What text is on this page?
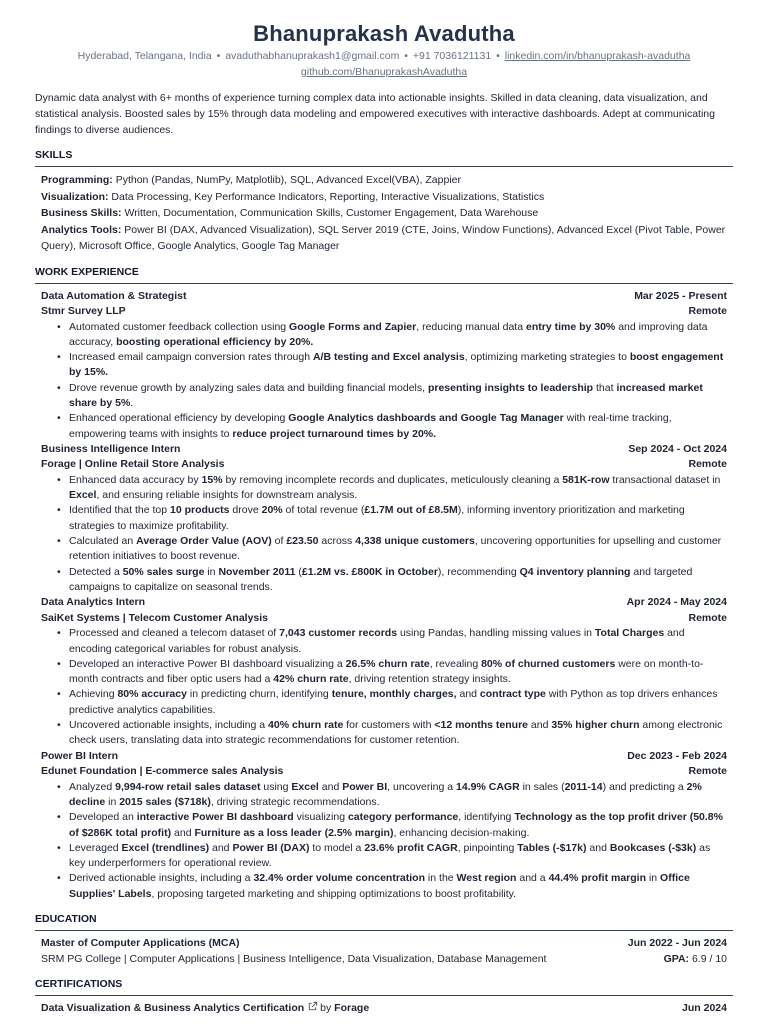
Bhanuprakash Avadutha
Hyderabad, Telangana, India • avaduthabhanuprakash1@gmail.com • +91 7036121131 • linkedin.com/in/bhanuprakash-avadutha
github.com/BhanuprakashAvadutha
Dynamic data analyst with 6+ months of experience turning complex data into actionable insights. Skilled in data cleaning, data visualization, and statistical analysis. Boosted sales by 15% through data modeling and empowered executives with interactive dashboards. Adept at communicating findings to diverse audiences.
SKILLS
Programming: Python (Pandas, NumPy, Matplotlib), SQL, Advanced Excel(VBA), Zappier
Visualization: Data Processing, Key Performance Indicators, Reporting, Interactive Visualizations, Statistics
Business Skills: Written, Documentation, Communication Skills, Customer Engagement, Data Warehouse
Analytics Tools: Power BI (DAX, Advanced Visualization), SQL Server 2019 (CTE, Joins, Window Functions), Advanced Excel (Pivot Table, Power Query), Microsoft Office, Google Analytics, Google Tag Manager
WORK EXPERIENCE
Data Automation & Strategist	Mar 2025 - Present
Stmr Survey LLP	Remote
• Automated customer feedback collection using Google Forms and Zapier, reducing manual data entry time by 30% and improving data accuracy, boosting operational efficiency by 20%.
• Increased email campaign conversion rates through A/B testing and Excel analysis, optimizing marketing strategies to boost engagement by 15%.
• Drove revenue growth by analyzing sales data and building financial models, presenting insights to leadership that increased market share by 5%.
• Enhanced operational efficiency by developing Google Analytics dashboards and Google Tag Manager with real-time tracking, empowering teams with insights to reduce project turnaround times by 20%.
Business Intelligence Intern	Sep 2024 - Oct 2024
Forage | Online Retail Store Analysis	Remote
• Enhanced data accuracy by 15% by removing incomplete records and duplicates, meticulously cleaning a 581K-row transactional dataset in Excel, and ensuring reliable insights for downstream analysis.
• Identified that the top 10 products drove 20% of total revenue (£1.7M out of £8.5M), informing inventory prioritization and marketing strategies to maximize profitability.
• Calculated an Average Order Value (AOV) of £23.50 across 4,338 unique customers, uncovering opportunities for upselling and customer retention initiatives to boost revenue.
• Detected a 50% sales surge in November 2011 (£1.2M vs. £800K in October), recommending Q4 inventory planning and targeted campaigns to capitalize on seasonal trends.
Data Analytics Intern	Apr 2024 - May 2024
SaiKet Systems | Telecom Customer Analysis	Remote
• Processed and cleaned a telecom dataset of 7,043 customer records using Pandas, handling missing values in Total Charges and encoding categorical variables for robust analysis.
• Developed an interactive Power BI dashboard visualizing a 26.5% churn rate, revealing 80% of churned customers were on month-to-month contracts and fiber optic users had a 42% churn rate, driving retention strategy insights.
• Achieving 80% accuracy in predicting churn, identifying tenure, monthly charges, and contract type with Python as top drivers enhances predictive analytics capabilities.
• Uncovered actionable insights, including a 40% churn rate for customers with <12 months tenure and 35% higher churn among electronic check users, translating data into strategic recommendations for customer retention.
Power BI Intern	Dec 2023 - Feb 2024
Edunet Foundation | E-commerce sales Analysis	Remote
• Analyzed 9,994-row retail sales dataset using Excel and Power BI, uncovering a 14.9% CAGR in sales (2011-14) and predicting a 2% decline in 2015 sales ($718k), driving strategic recommendations.
• Developed an interactive Power BI dashboard visualizing category performance, identifying Technology as the top profit driver (50.8% of $286K total profit) and Furniture as a loss leader (2.5% margin), enhancing decision-making.
• Leveraged Excel (trendlines) and Power BI (DAX) to model a 23.6% profit CAGR, pinpointing Tables (-$17k) and Bookcases (-$3k) as key underperformers for operational review.
• Derived actionable insights, including a 32.4% order volume concentration in the West region and a 44.4% profit margin in Office Supplies' Labels, proposing targeted marketing and shipping optimizations to boost profitability.
EDUCATION
Master of Computer Applications (MCA)	Jun 2022 - Jun 2024
SRM PG College | Computer Applications | Business Intelligence, Data Visualization, Database Management	GPA: 6.9 / 10
CERTIFICATIONS
Data Visualization & Business Analytics Certification by Forage	Jun 2024
